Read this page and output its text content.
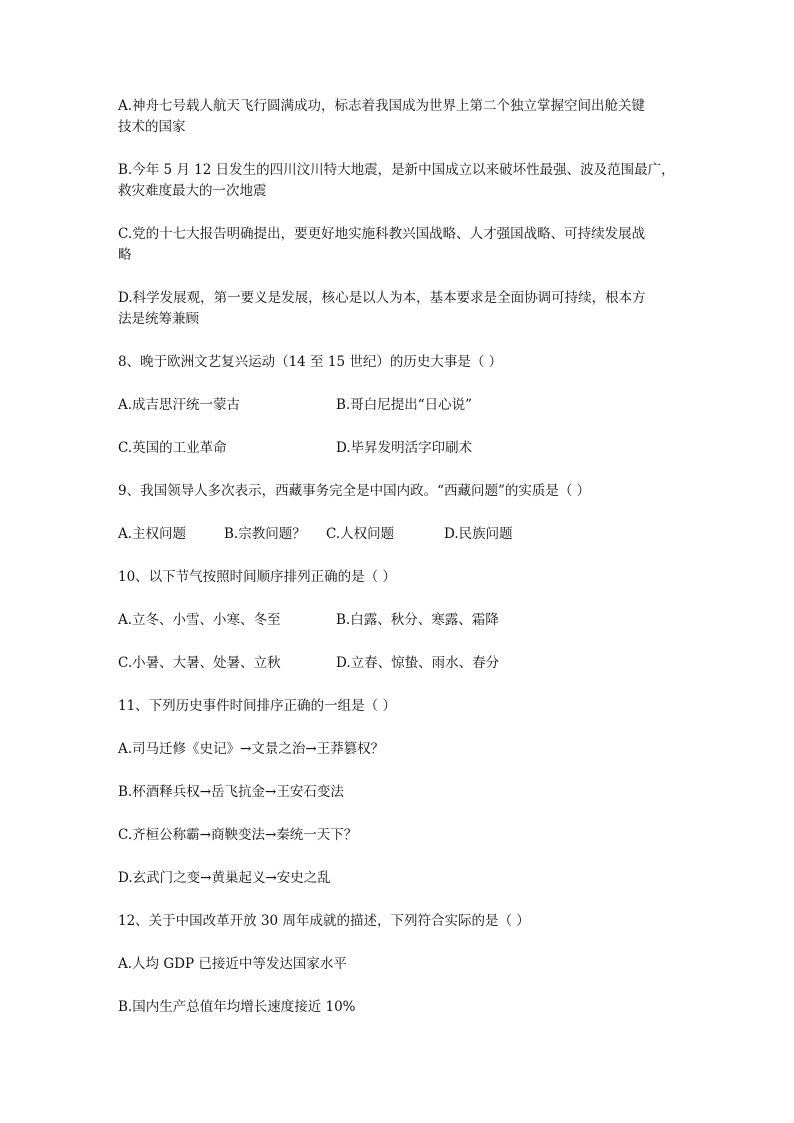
A.神舟七号载人航天飞行圆满成功，标志着我国成为世界上第二个独立掌握空间出舱关键
技术的国家
B.今年 5 月 12 日发生的四川汶川特大地震，是新中国成立以来破坏性最强、波及范围最广，
救灾难度最大的一次地震
C.党的十七大报告明确提出，要更好地实施科教兴国战略、人才强国战略、可持续发展战
略
D.科学发展观，第一要义是发展，核心是以人为本，基本要求是全面协调可持续，根本方
法是统筹兼顾
8、晚于欧洲文艺复兴运动（14 至 15 世纪）的历史大事是（ ）
A.成吉思汗统一蒙古	B.哥白尼提出“日心说”
C.英国的工业革命	D.毕昇发明活字印刷术
9、我国领导人多次表示，西藏事务完全是中国内政。“西藏问题”的实质是（ ）
A.主权问题	B.宗教问题？	C.人权问题	D.民族问题
10、以下节气按照时间顺序排列正确的是（ ）
A.立冬、小雪、小寒、冬至	B.白露、秋分、寒露、霜降
C.小暑、大暑、处暑、立秋	D.立春、惊蛰、雨水、春分
11、下列历史事件时间排序正确的一组是（ ）
A.司马迁修《史记》→文景之治→王莽篡权？
B.杯酒释兵权→岳飞抗金→王安石变法
C.齐桓公称霸→商鞅变法→秦统一天下？
D.玄武门之变→黄巢起义→安史之乱
12、关于中国改革开放 30 周年成就的描述，下列符合实际的是（ ）
A.人均 GDP 已接近中等发达国家水平
B.国内生产总值年均增长速度接近 10%
